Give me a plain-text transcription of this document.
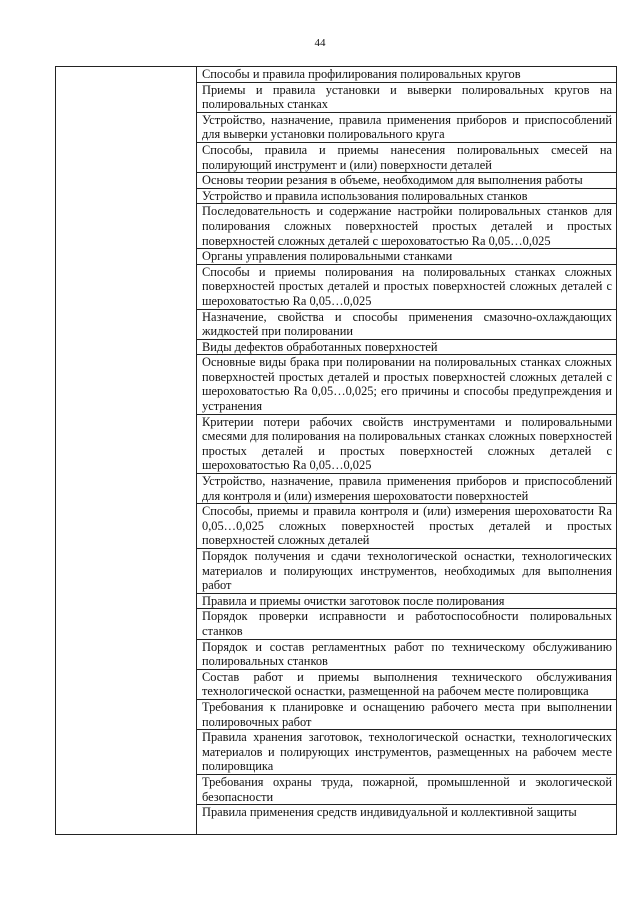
44
Способы и правила профилирования полировальных кругов
Приемы и правила установки и выверки полировальных кругов на полировальных станках
Устройство, назначение, правила применения приборов и приспособлений для выверки установки полировального круга
Способы, правила и приемы нанесения полировальных смесей на полирующий инструмент и (или) поверхности деталей
Основы теории резания в объеме, необходимом для выполнения работы
Устройство и правила использования полировальных станков
Последовательность и содержание настройки полировальных станков для полирования сложных поверхностей простых деталей и простых поверхностей сложных деталей с шероховатостью Ra 0,05…0,025
Органы управления полировальными станками
Способы и приемы полирования на полировальных станках сложных поверхностей простых деталей и простых поверхностей сложных деталей с шероховатостью Ra 0,05…0,025
Назначение, свойства и способы применения смазочно-охлаждающих жидкостей при полировании
Виды дефектов обработанных поверхностей
Основные виды брака при полировании на полировальных станках сложных поверхностей простых деталей и простых поверхностей сложных деталей с шероховатостью Ra 0,05…0,025; его причины и способы предупреждения и устранения
Критерии потери рабочих свойств инструментами и полировальными смесями для полирования на полировальных станках сложных поверхностей простых деталей и простых поверхностей сложных деталей с шероховатостью Ra 0,05…0,025
Устройство, назначение, правила применения приборов и приспособлений для контроля и (или) измерения шероховатости поверхностей
Способы, приемы и правила контроля и (или) измерения шероховатости Ra 0,05…0,025 сложных поверхностей простых деталей и простых поверхностей сложных деталей
Порядок получения и сдачи технологической оснастки, технологических материалов и полирующих инструментов, необходимых для выполнения работ
Правила и приемы очистки заготовок после полирования
Порядок проверки исправности и работоспособности полировальных станков
Порядок и состав регламентных работ по техническому обслуживанию полировальных станков
Состав работ и приемы выполнения технического обслуживания технологической оснастки, размещенной на рабочем месте полировщика
Требования к планировке и оснащению рабочего места при выполнении полировочных работ
Правила хранения заготовок, технологической оснастки, технологических материалов и полирующих инструментов, размещенных на рабочем месте полировщика
Требования охраны труда, пожарной, промышленной и экологической безопасности
Правила применения средств индивидуальной и коллективной защиты
